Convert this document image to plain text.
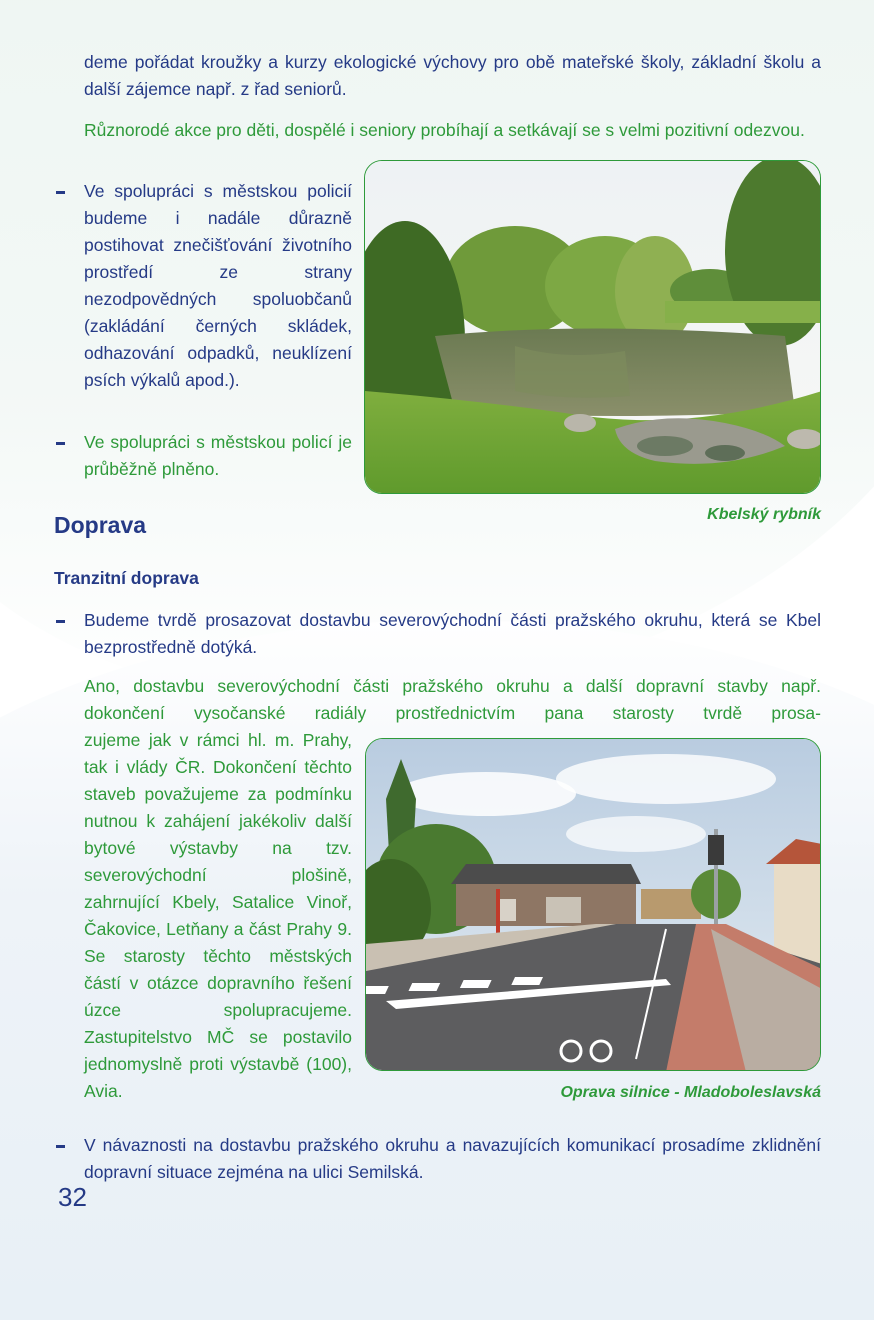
deme pořádat kroužky a kurzy ekologické výchovy pro obě mateřské školy, základní školu a další zájemce např. z řad seniorů.

Různorodé akce pro děti, dospělé i seniory probíhají a setkávají se s velmi pozitivní odezvou.

Ve spolupráci s městskou policií budeme i nadále důrazně postihovat znečišťování životního prostředí ze strany nezodpovědných spoluobčanů (zakládání černých skládek, odhazování odpadků, neuklízení psích výkalů apod.).

Ve spolupráci s městskou policí je průběžně plněno.

Kbelský rybník

Doprava
Tranzitní doprava

Budeme tvrdě prosazovat dostavbu severovýchodní části pražského okruhu, která se Kbel bezprostředně dotýká.

Ano, dostavbu severovýchodní části pražského okruhu a další dopravní stavby např. dokončení vysočanské radiály prostřednictvím pana starosty tvrdě prosa-

zujeme jak v rámci hl. m. Prahy, tak i vlády ČR. Dokončení těchto staveb považujeme za podmínku nutnou k zahájení jakékoliv další bytové výstavby na tzv. severovýchodní plošině, zahrnující Kbely, Satalice Vinoř, Čakovice, Letňany a část Prahy 9. Se starosty těchto městských částí v otázce dopravního řešení úzce spolupracujeme. Zastupitelstvo MČ se postavilo jednomyslně proti výstavbě (100), Avia.	Oprava silnice - Mladoboleslavská

V návaznosti na dostavbu pražského okruhu a navazujících komunikací prosadíme zklidnění dopravní situace zejména na ulici Semilská.

32
